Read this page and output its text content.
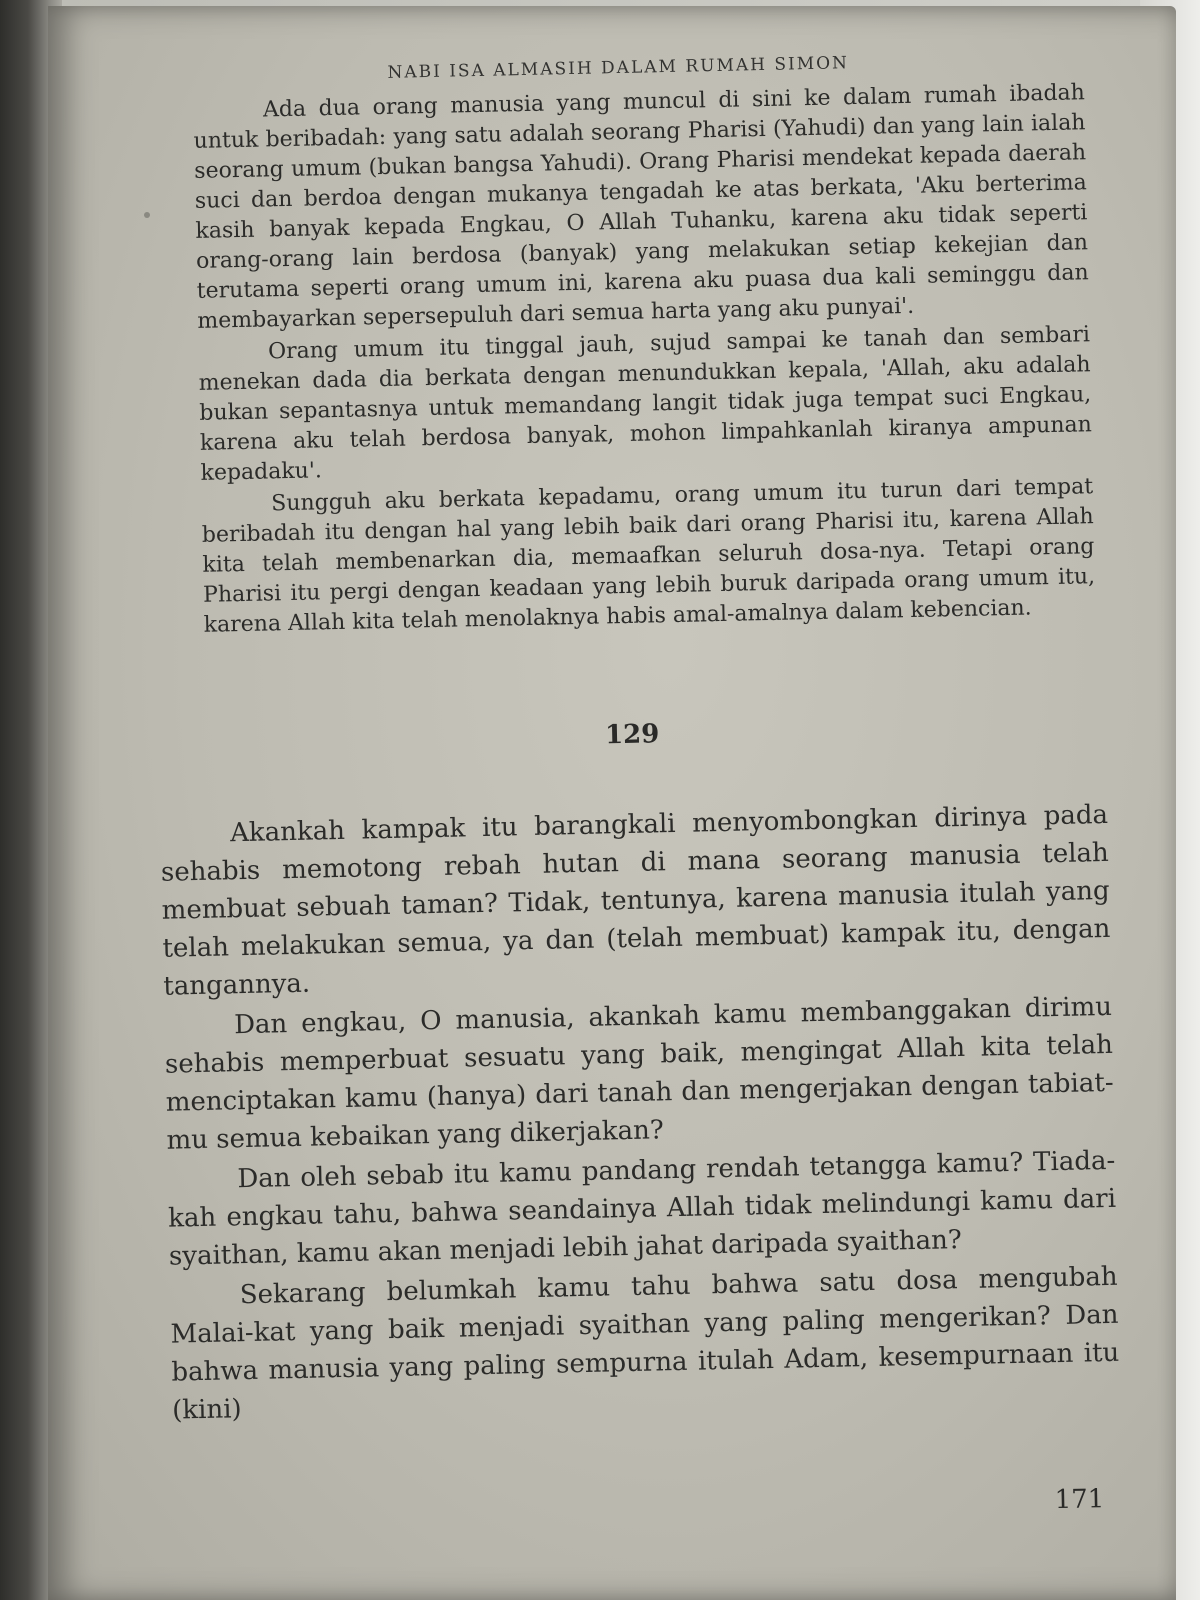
NABI ISA ALMASIH DALAM RUMAH SIMON

Ada dua orang manusia yang muncul di sini ke dalam rumah ibadah untuk beribadah: yang satu adalah seorang Pharisi (Yahudi) dan yang lain ialah seorang umum (bukan bangsa Yahudi). Orang Pharisi mendekat kepada daerah suci dan berdoa dengan mukanya tengadah ke atas berkata, 'Aku berterima kasih banyak kepada Engkau, O Allah Tuhanku, karena aku tidak seperti orang-orang lain berdosa (banyak) yang melakukan setiap kekejian dan terutama seperti orang umum ini, karena aku puasa dua kali seminggu dan membayarkan sepersepuluh dari semua harta yang aku punyai'.

Orang umum itu tinggal jauh, sujud sampai ke tanah dan sembari menekan dada dia berkata dengan menundukkan kepala, 'Allah, aku adalah bukan sepantasnya untuk memandang langit tidak juga tempat suci Engkau, karena aku telah berdosa banyak, mohon limpahkanlah kiranya ampunan kepadaku'.

Sungguh aku berkata kepadamu, orang umum itu turun dari tempat beribadah itu dengan hal yang lebih baik dari orang Pharisi itu, karena Allah kita telah membenarkan dia, memaafkan seluruh dosa-nya. Tetapi orang Pharisi itu pergi dengan keadaan yang lebih buruk daripada orang umum itu, karena Allah kita telah menolaknya habis amal-amalnya dalam kebencian.

129

Akankah kampak itu barangkali menyombongkan dirinya pada sehabis memotong rebah hutan di mana seorang manusia telah membuat sebuah taman? Tidak, tentunya, karena manusia itulah yang telah melakukan semua, ya dan (telah membuat) kampak itu, dengan tangannya.

Dan engkau, O manusia, akankah kamu membanggakan dirimu sehabis memperbuat sesuatu yang baik, mengingat Allah kita telah menciptakan kamu (hanya) dari tanah dan mengerjakan dengan tabiat-mu semua kebaikan yang dikerjakan?

Dan oleh sebab itu kamu pandang rendah tetangga kamu? Tiada-kah engkau tahu, bahwa seandainya Allah tidak melindungi kamu dari syaithan, kamu akan menjadi lebih jahat daripada syaithan?

Sekarang belumkah kamu tahu bahwa satu dosa mengubah Malai-kat yang baik menjadi syaithan yang paling mengerikan? Dan bahwa manusia yang paling sempurna itulah Adam, kesempurnaan itu (kini)

171
